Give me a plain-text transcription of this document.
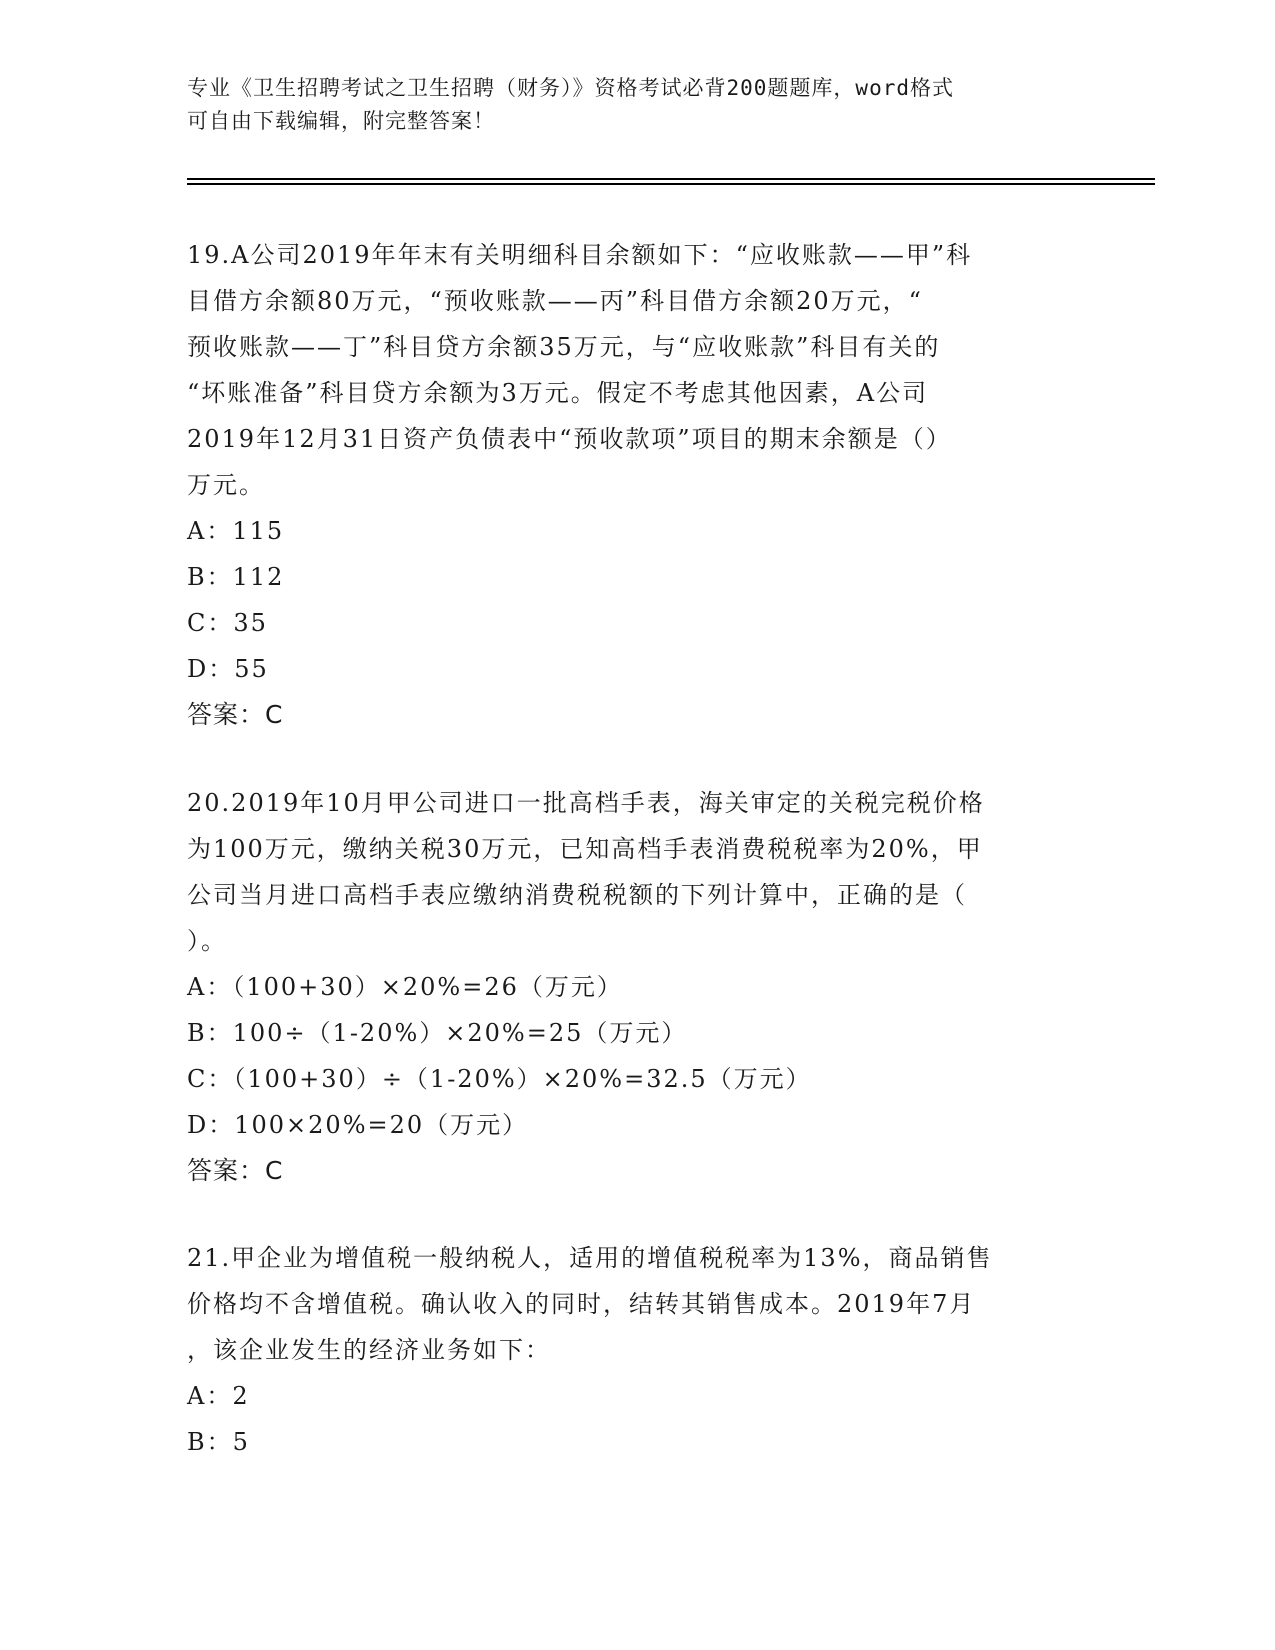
专业《卫生招聘考试之卫生招聘（财务）》资格考试必背200题题库，word格式
可自由下载编辑，附完整答案！
19.A公司2019年年末有关明细科目余额如下：“应收账款——甲”科
目借方余额80万元，“预收账款——丙”科目借方余额20万元，“
预收账款——丁”科目贷方余额35万元，与“应收账款”科目有关的
“坏账准备”科目贷方余额为3万元。假定不考虑其他因素，A公司
2019年12月31日资产负债表中“预收款项”项目的期末余额是（）
万元。
A：115
B：112
C：35
D：55
答案：C
20.2019年10月甲公司进口一批高档手表，海关审定的关税完税价格
为100万元，缴纳关税30万元，已知高档手表消费税税率为20%，甲
公司当月进口高档手表应缴纳消费税税额的下列计算中，正确的是（
）。
A：（100+30）×20%=26（万元）
B：100÷（1-20%）×20%=25（万元）
C：（100+30）÷（1-20%）×20%=32.5（万元）
D：100×20%=20（万元）
答案：C
21.甲企业为增值税一般纳税人，适用的增值税税率为13%，商品销售
价格均不含增值税。确认收入的同时，结转其销售成本。2019年7月
，该企业发生的经济业务如下：
A：2
B：5
